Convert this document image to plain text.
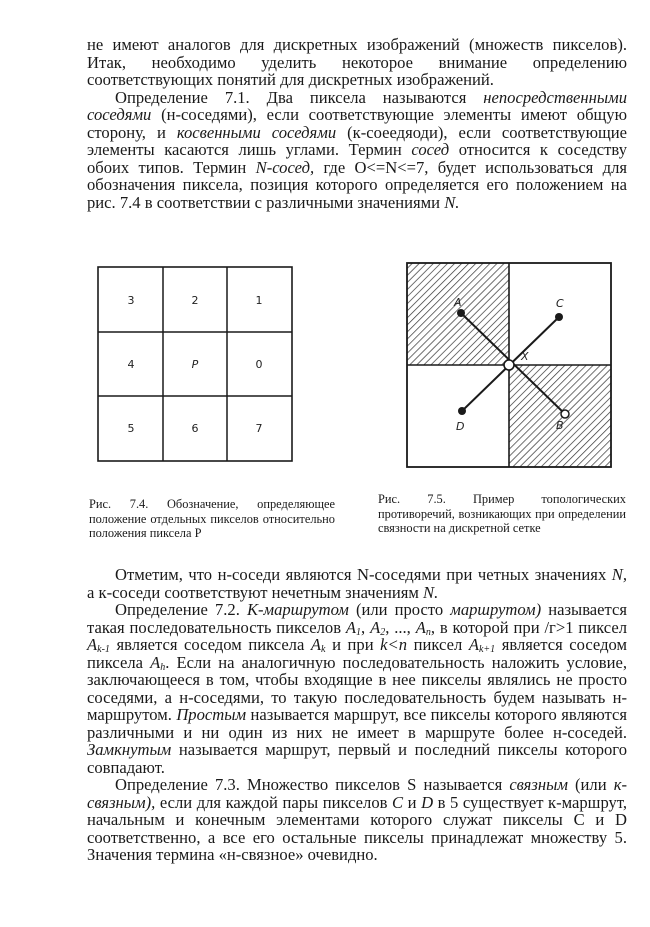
не имеют аналогов для дискретных изображений (множеств пикселов). Итак, необходимо уделить некоторое внимание определению соответствующих понятий для дискретных изображений.

Определение 7.1. Два пиксела называются непосредственными соседями (н-соседями), если соответствующие элементы имеют общую сторону, и косвенными соседями (к-соеедяоди), если соответствующие элементы касаются лишь углами. Термин сосед относится к соседству обоих типов. Термин N-сосед, где O<=N<=7, будет использоваться для обозначения пиксела, позиция которого определяется его положением на рис. 7.4 в соответствии с различными значениями N.

3	2	1
4	P	0
5	6	7
A	C
X
D	B
Рис. 7.4. Обозначение, определяющее положение отдельных пикселов относительно положения пиксела Р
Рис. 7.5. Пример топологических противоречий, возникающих при определении связности на дискретной сетке

Отметим, что н-соседи являются N-соседями при четных значениях N, а к-соседи соответствуют нечетным значениям N.

Определение 7.2. К-маршрутом (или просто маршрутом) называется такая последовательность пикселов $A_1$, $A_2$, ..., $A_n$, в которой при /г>1 пиксел $A_{k-1}$ является соседом пиксела $A_k$ и при k<n пиксел $A_{k+1}$ является соседом пиксела $A_h$. Если на аналогичную последовательность наложить условие, заключающееся в том, чтобы входящие в нее пикселы являлись не просто соседями, а н-соседями, то такую последовательность будем называть н-маршрутом. Простым называется маршрут, все пикселы которого являются различными и ни один из них не имеет в маршруте более н-соседей. Замкнутым называется маршрут, первый и последний пикселы которого совпадают.

Определение 7.3. Множество пикселов S называется связным (или к-связным), если для каждой пары пикселов C и D в 5 существует к-маршрут, начальным и конечным элементами которого служат пикселы С и D соответственно, а все его остальные пикселы принадлежат множеству 5. Значения термина «н-связное» очевидно.
